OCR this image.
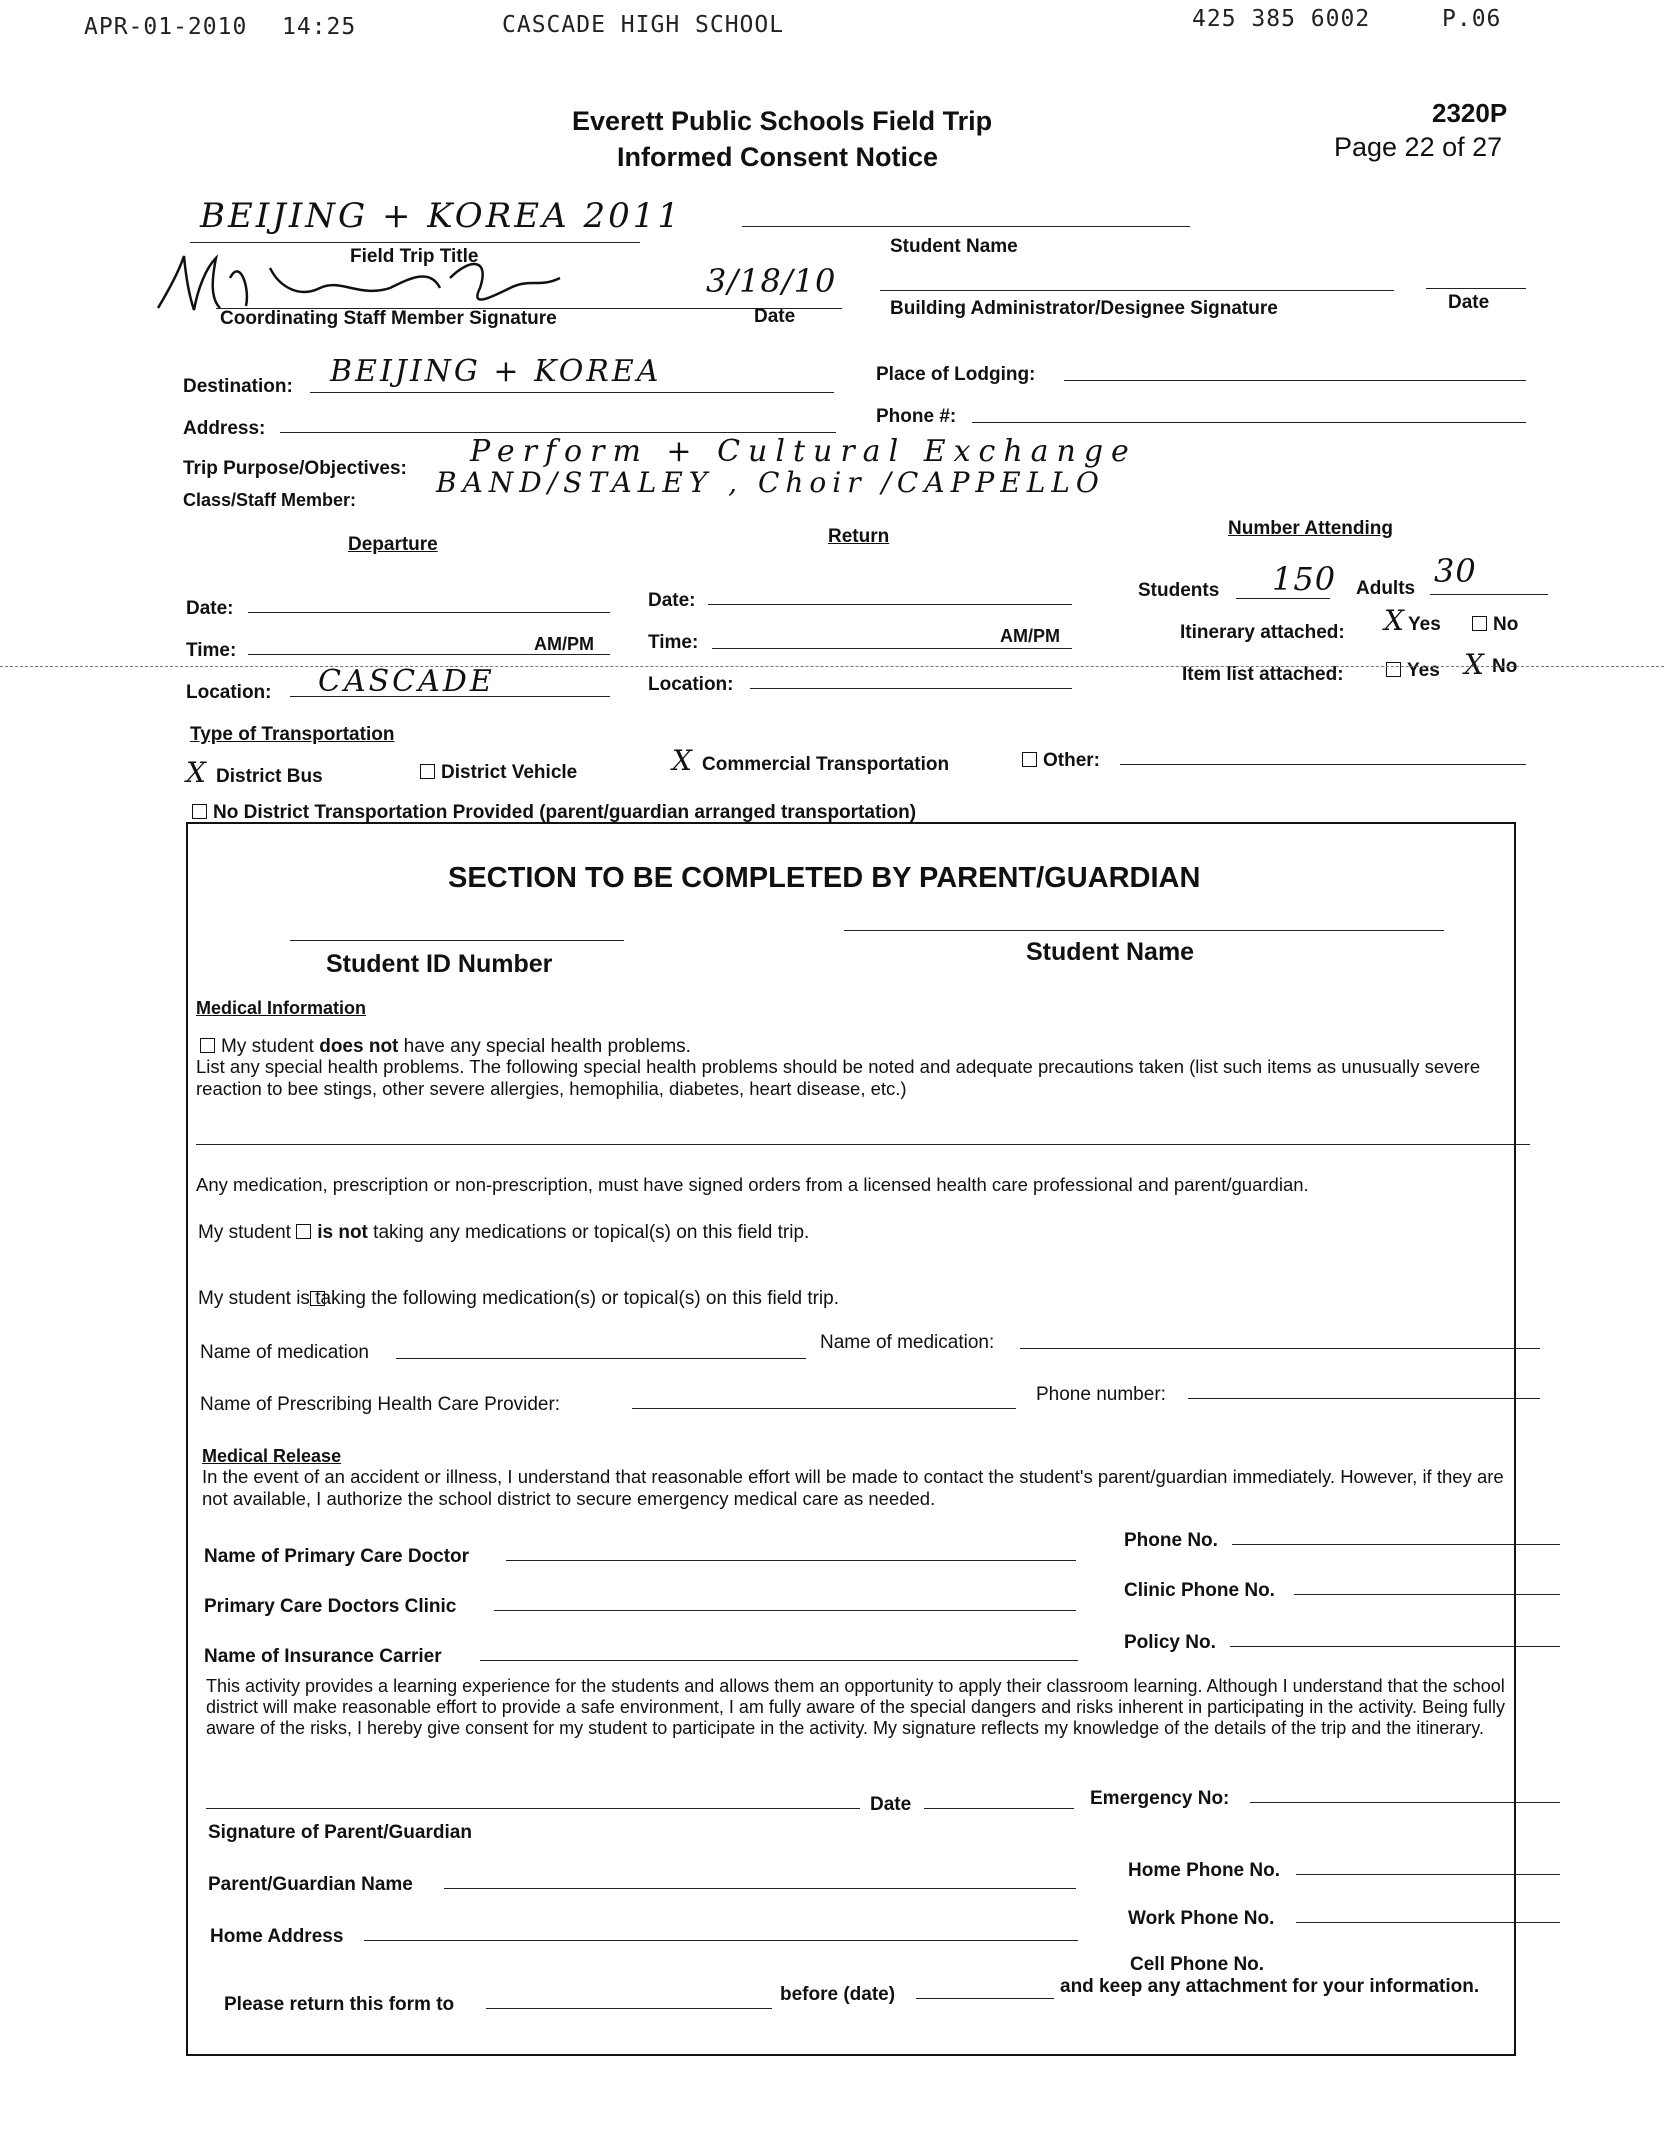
APR-01-2010 14:25	CASCADE HIGH SCHOOL	425 385 6002	P.06
Everett Public Schools Field Trip
Informed Consent Notice
2320P
Page 22 of 27
BEIJING + KOREA 2011
Field Trip Title	Student Name
3/18/10
Coordinating Staff Member Signature	Date	Building Administrator/Designee Signature	Date
Destination: BEIJING + KOREA	Place of Lodging:
Address:
Phone #:
Trip Purpose/Objectives: Perform + Cultural Exchange
Class/Staff Member:
BAND/STALEY , Choir /CAPPELLO
Departure	Return	Number Attending
Date:
Time:	AM/PM
Location: CASCADE
Date:
Time:	AM/PM
Location:
Students 150 Adults 30
Itinerary attached: X Yes	No
Item list attached:	Yes X No
Type of Transportation
X District Bus	District Vehicle	X Commercial Transportation	Other:
No District Transportation Provided (parent/guardian arranged transportation)
SECTION TO BE COMPLETED BY PARENT/GUARDIAN
Student ID Number	Student Name
Medical Information
My student does not have any special health problems.
List any special health problems. The following special health problems should be noted and adequate precautions taken (list such items as unusually severe reaction to bee stings, other severe allergies, hemophilia, diabetes, heart disease, etc.)
Any medication, prescription or non-prescription, must have signed orders from a licensed health care professional and parent/guardian.
My student is not taking any medications or topical(s) on this field trip.
My student is taking the following medication(s) or topical(s) on this field trip.
Name of medication	Name of medication:
Name of Prescribing Health Care Provider:	Phone number:
Medical Release
In the event of an accident or illness, I understand that reasonable effort will be made to contact the student's parent/guardian immediately. However, if they are not available, I authorize the school district to secure emergency medical care as needed.
Name of Primary Care Doctor
Phone No.
Primary Care Doctors Clinic
Clinic Phone No.
Name of Insurance Carrier
Policy No.
This activity provides a learning experience for the students and allows them an opportunity to apply their classroom learning. Although I understand that the school district will make reasonable effort to provide a safe environment, I am fully aware of the special dangers and risks inherent in participating in the activity. Being fully aware of the risks, I hereby give consent for my student to participate in the activity. My signature reflects my knowledge of the details of the trip and the itinerary.
Date	Emergency No:
Signature of Parent/Guardian
Parent/Guardian Name
Home Phone No.
Home Address
Work Phone No.
Cell Phone No.
Please return this form to	before (date)	and keep any attachment for your information.
